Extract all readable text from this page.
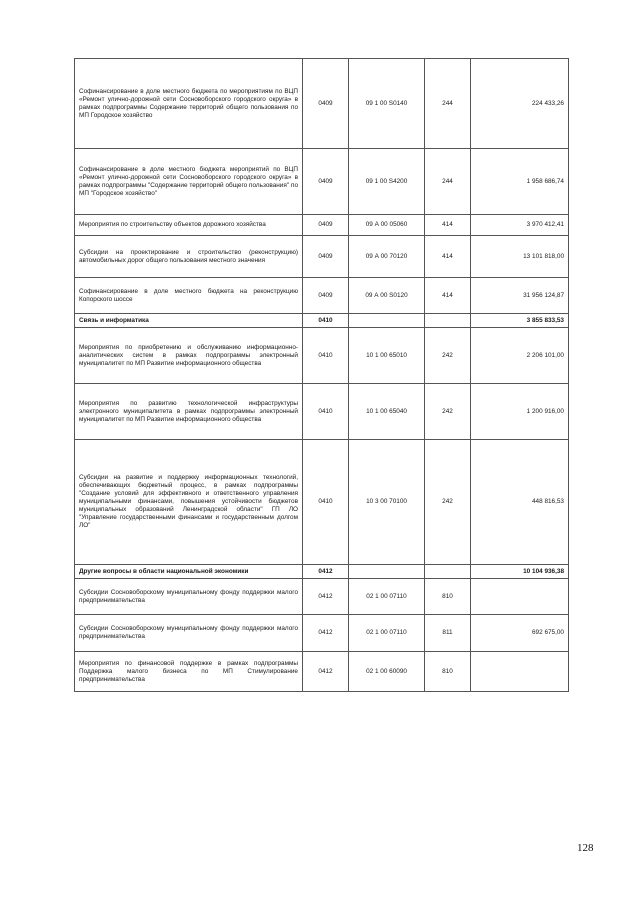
Софинансирование в доле местного бюджета по мероприятиям по ВЦП «Ремонт улично-дорожной сети Сосновоборского городского округа» в рамках подпрограммы Содержание территорий общего пользования по МП Городское хозяйство	0409	09 1 00 S0140	244	224 433,26
Софинансирование в доле местного бюджета мероприятий по ВЦП «Ремонт улично-дорожной сети Сосновоборского городского округа» в рамках подпрограммы "Содержание территорий общего пользования" по МП "Городское хозяйство"	0409	09 1 00 S4200	244	1 958 686,74
Мероприятия по строительству объектов дорожного хозяйства	0409	09 А 00 05060	414	3 970 412,41
Субсидии на проектирование и строительство (реконструкцию) автомобильных дорог общего пользования местного значения	0409	09 А 00 70120	414	13 101 818,00
Софинансирование в доле местного бюджета на реконструкцию Копорского шоссе	0409	09 А 00 S0120	414	31 956 124,87
Связь и информатика	0410			3 855 833,53
Мероприятия по приобретению и обслуживанию информационно-аналитических систем в рамках подпрограммы электронный муниципалитет по МП Развитие информационного общества	0410	10 1 00 65010	242	2 206 101,00
Мероприятия по развитию технологической инфраструктуры электронного муниципалитета в рамках подпрограммы электронный муниципалитет по МП Развитие информационного общества	0410	10 1 00 65040	242	1 200 916,00
Субсидии на развитие и поддержку информационных технологий, обеспечивающих бюджетный процесс, в рамках подпрограммы "Создание условий для эффективного и ответственного управления муниципальными финансами, повышения устойчивости бюджетов муниципальных образований Ленинградской области" ГП ЛО "Управление государственными финансами и государственным долгом ЛО"	0410	10 3 00 70100	242	448 816,53
Другие вопросы в области национальной экономики	0412			10 104 936,38
Субсидии Сосновоборскому муниципальному фонду поддержки малого предпринимательства	0412	02 1 00 07110	810	
Субсидии Сосновоборскому муниципальному фонду поддержки малого предпринимательства	0412	02 1 00 07110	811	692 675,00
Мероприятия по финансовой поддержке в рамках подпрограммы Поддержка малого бизнеса по МП Стимулирование предпринимательства	0412	02 1 00 60090	810	
128
